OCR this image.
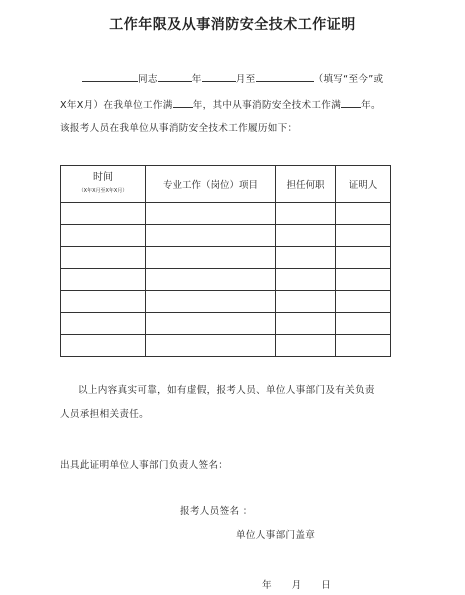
工作年限及从事消防安全技术工作证明
同志	年	月至	（填写“至今”或
X年X月）在我单位工作满 年，其中从事消防安全技术工作满 年。
该报考人员在我单位从事消防安全技术工作履历如下：
时间
（X年X月至X年X月）	专业工作（岗位）项目	担任何职	证明人

以上内容真实可靠，如有虚假，报考人员、单位人事部门及有关负责
人员承担相关责任。
出具此证明单位人事部门负责人签名：
报考人员签名 ：
单位人事部门盖章
年 月 日
